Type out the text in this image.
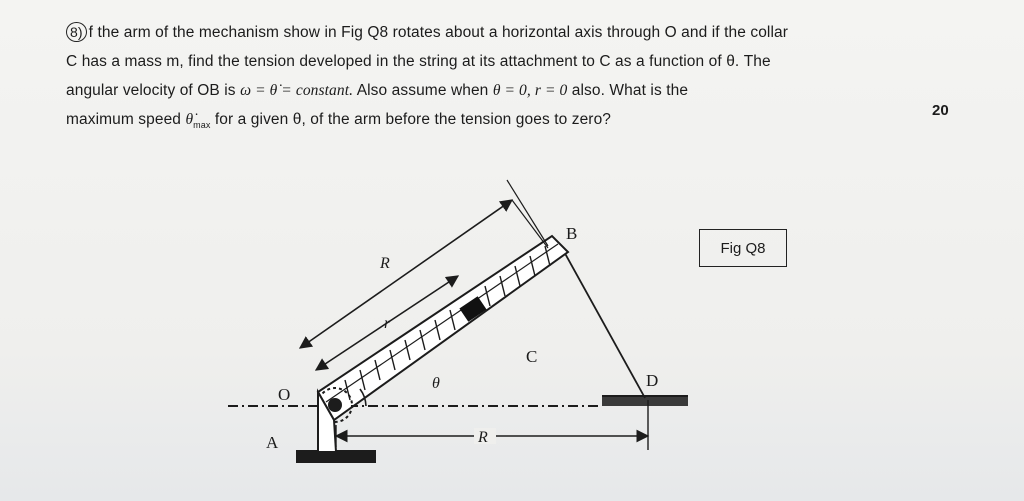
8) f the arm of the mechanism show in Fig Q8 rotates about a horizontal axis through O and if the collar
C has a mass m, find the tension developed in the string at its attachment to C as a function of θ. The
angular velocity of OB is ω = θ̇ = constant. Also assume when θ = 0, r = 0 also. What is the
maximum speed $\thetȧ_{max}$ for a given θ, of the arm before the tension goes to zero?
20
Fig Q8
B
R
r
C
θ
O
D
A	R
